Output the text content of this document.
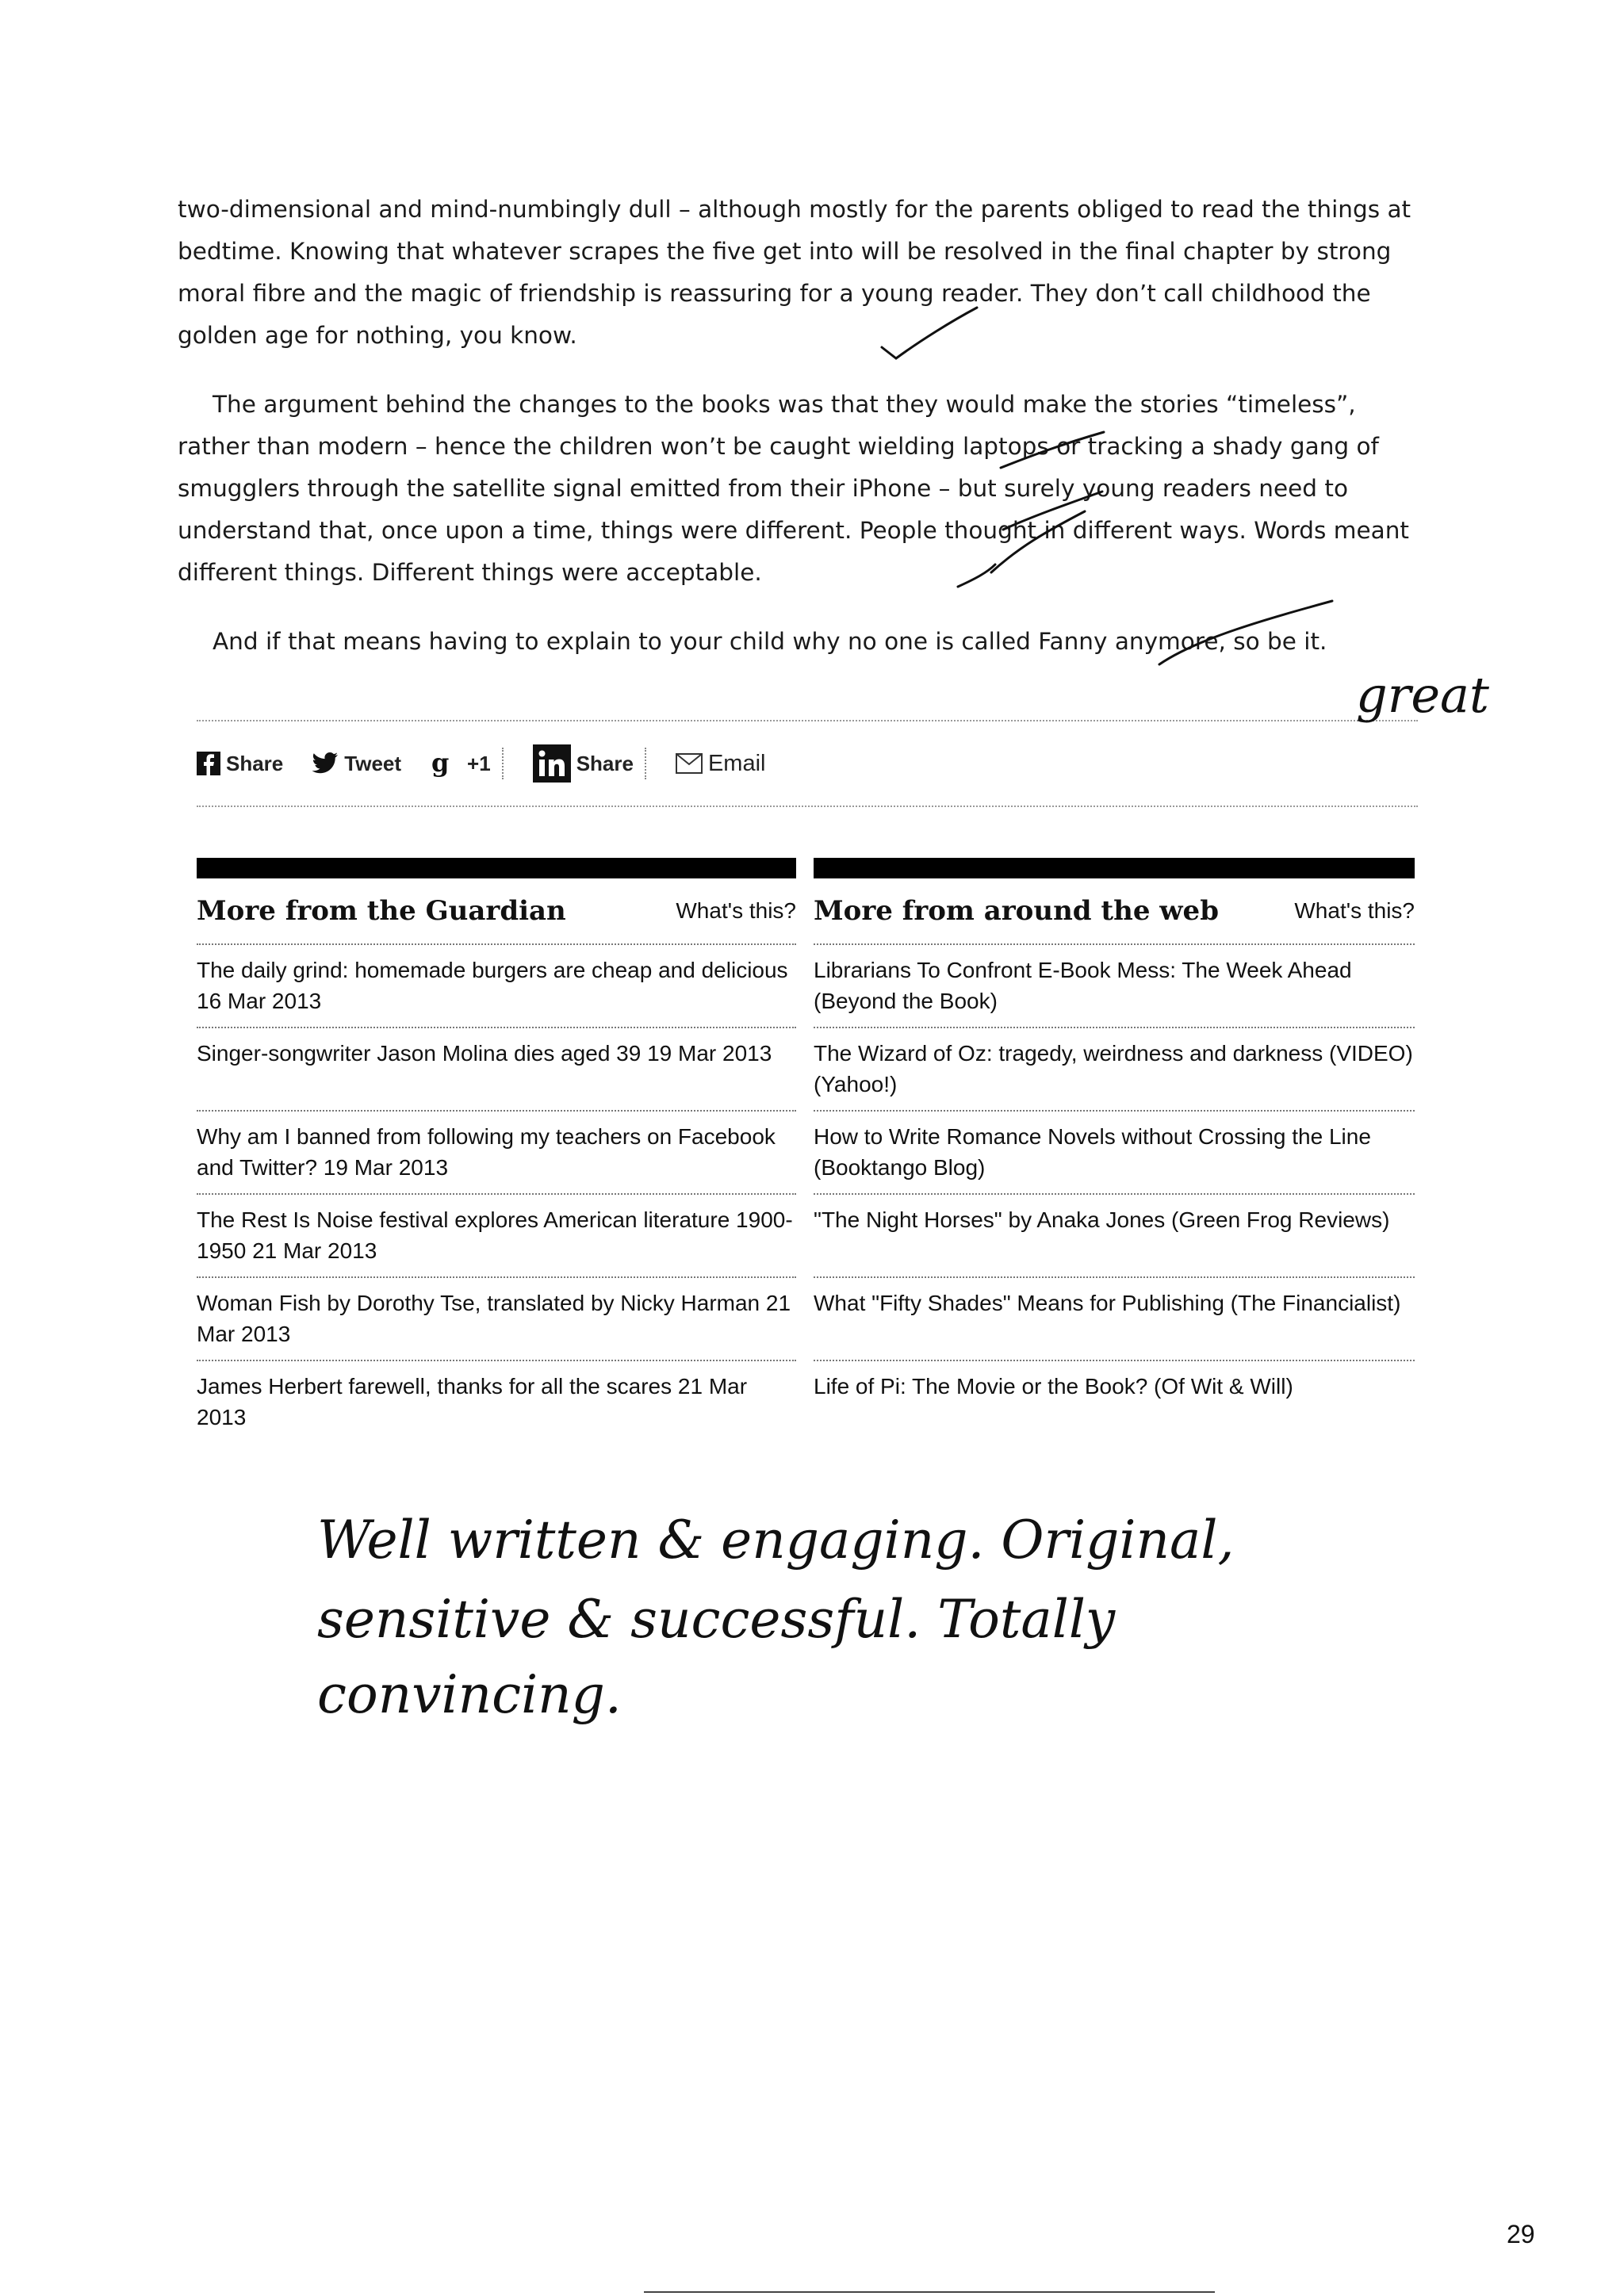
two-dimensional and mind-numbingly dull – although mostly for the parents obliged to read the things at bedtime. Knowing that whatever scrapes the five get into will be resolved in the final chapter by strong moral fibre and the magic of friendship is reassuring for a young reader. They don’t call childhood the golden age for nothing, you know.

The argument behind the changes to the books was that they would make the stories “timeless”, rather than modern – hence the children won’t be caught wielding laptops or tracking a shady gang of smugglers through the satellite signal emitted from their iPhone – but surely young readers need to understand that, once upon a time, things were different. People thought in different ways. Words meant different things. Different things were acceptable.

And if that means having to explain to your child why no one is called Fanny anymore, so be it.

Share	Tweet g +1	Share	Email
More from the Guardian	What's this?
The daily grind: homemade burgers are cheap and delicious 16 Mar 2013
Singer-songwriter Jason Molina dies aged 39 19 Mar 2013
Why am I banned from following my teachers on Facebook and Twitter? 19 Mar 2013
The Rest Is Noise festival explores American literature 1900-1950 21 Mar 2013
Woman Fish by Dorothy Tse, translated by Nicky Harman 21 Mar 2013
James Herbert farewell, thanks for all the scares 21 Mar 2013
More from around the web	What's this?
Librarians To Confront E-Book Mess: The Week Ahead (Beyond the Book)
The Wizard of Oz: tragedy, weirdness and darkness (VIDEO) (Yahoo!)
How to Write Romance Novels without Crossing the Line (Booktango Blog)
"The Night Horses" by Anaka Jones (Green Frog Reviews)
What "Fifty Shades" Means for Publishing (The Financialist)
Life of Pi: The Movie or the Book? (Of Wit & Will)
great
Well written & engaging. Original,
sensitive & successful. Totally
convincing.
29
